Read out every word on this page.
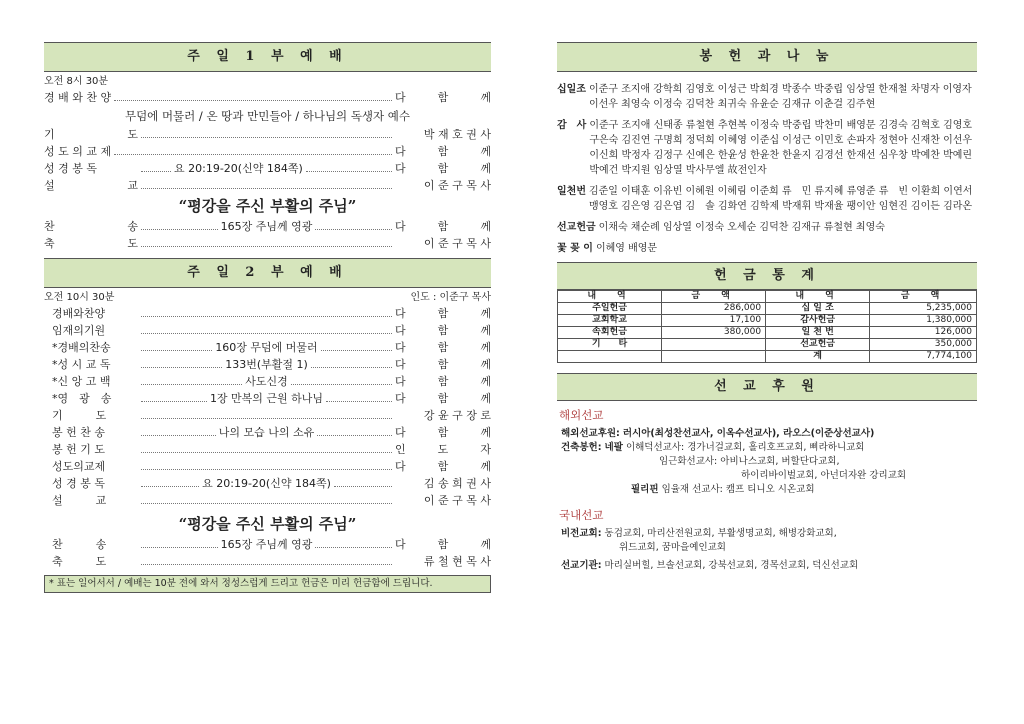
주 일 1 부 예 배
오전 8시 30분
경 배 와 찬 양	다	함	께
무덤에 머물러 / 온 땅과 만민들아 / 하나님의 독생자 예수
기	도	박 재 호 권 사
성 도 의 교 제	다	함	께
성 경 봉 독	요 20:19-20(신약 184쪽)	다	함	께
설	교	이 준 구 목 사
“평강을 주신 부활의 주님”
찬	송	165장 주님께 영광	다	함	께
축	도	이 준 구 목 사
주 일 2 부 예 배
오전 10시 30분	인도 : 이준구 목사
경배와찬양	다	함	께
임재의기원	다	함	께
*경배의찬송	160장 무덤에 머물러	다	함	께
*성 시 교 독	133번(부활절 1)	다	함	께
*신 앙 고 백	사도신경	다	함	께
*영　광　송	1장 만복의 근원 하나님	다	함	께
기　　　도	강 윤 구 장 로
봉 헌 찬 송	나의 모습 나의 소유	다	함	께
봉 헌 기 도	인	도	자
성도의교제	다	함	께
성 경 봉 독	요 20:19-20(신약 184쪽)	김 송 희 권 사
설　　　교	이 준 구 목 사
“평강을 주신 부활의 주님”
찬　　　송	165장 주님께 영광	다	함	께
축　　　도	류 철 현 목 사
* 표는 일어서서 / 예배는 10분 전에 와서 정성스럽게 드리고 헌금은 미리 헌금함에 드립니다.
봉 헌 과 나 눔
십일조 이준구 조지애 강학희 김영호 이성근 박희경 박종수 박중립 임상열 한재철 차명자 이영자 이선우 최영숙 이정숙 김덕찬 최귀숙 유윤순 김재규 이춘걸 김주현
감　사 이준구 조지애 신태종 류철현 추현복 이정숙 박중립 박찬미 배영문 김경숙 김혁호 김영호 구은숙 김진연 구명희 정덕희 이혜영 이준십 이성근 이민호 손파자 정현아 신재찬 이선우 이신희 박정자 김정구 신예은 한윤성 한윤찬 한윤지 김경선 한재선 심우창 박예찬 박예린 박예건 박지원 임상열 박사무엘 故전인자
일천번 김준일 이태훈 이유빈 이혜원 이혜림 이준희 류　민 류지혜 류영준 류　빈 이환희 이연서 맹영호 김은영 김은엽 김　솔 김화연 김학제 박재휘 박재율 팽이안 임현진 김이든 김라온
선교헌금 이채숙 채순례 임상열 이정숙 오세순 김덕찬 김재규 류철현 최영숙
꽃 꽂 이 이혜영 배영문
헌 금 통 계
내　역	금　액	내　역	금　액
주일헌금	286,000	십 일 조	5,235,000
교회학교	17,100	감사헌금	1,380,000
속회헌금	380,000	일 천 번	126,000
기　　타		선교헌금	350,000
		계	7,774,100
선 교 후 원
해외선교
해외선교후원: 러시아(최성찬선교사, 이옥수선교사), 라오스(이준상선교사)
건축봉헌: 네팔 이해덕선교사: 경가너걸교회, 홀리호프교회, 삐라하니교회
임근화선교사: 아비나스교회, 버할단다교회,
하이리바이벌교회, 아넌더자완 강리교회
필리핀 임율재 선교사: 캠프 티니오 시온교회
국내선교
비전교회: 동검교회, 마리산전원교회, 부활생명교회, 해병강화교회,
위드교회, 꿈마을예인교회
선교기관: 마리실버힐, 브솔선교회, 강북선교회, 경목선교회, 덕신선교회
